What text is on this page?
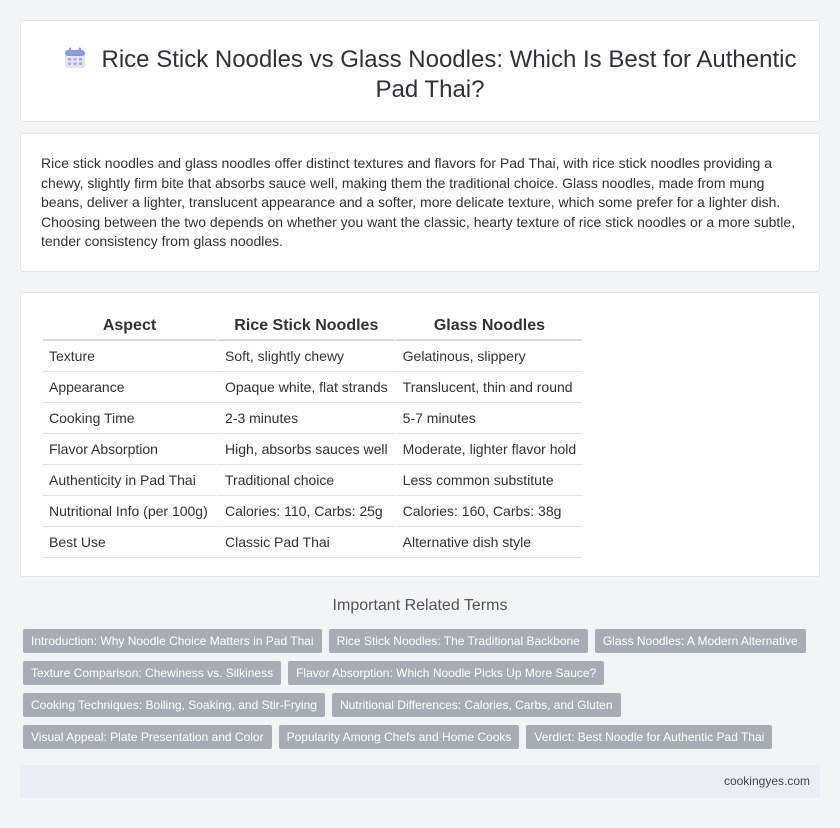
Rice Stick Noodles vs Glass Noodles: Which Is Best for Authentic Pad Thai?

Rice stick noodles and glass noodles offer distinct textures and flavors for Pad Thai, with rice stick noodles providing a chewy, slightly firm bite that absorbs sauce well, making them the traditional choice. Glass noodles, made from mung beans, deliver a lighter, translucent appearance and a softer, more delicate texture, which some prefer for a lighter dish. Choosing between the two depends on whether you want the classic, hearty texture of rice stick noodles or a more subtle, tender consistency from glass noodles.

Aspect	Rice Stick Noodles	Glass Noodles
Texture	Soft, slightly chewy	Gelatinous, slippery
Appearance	Opaque white, flat strands	Translucent, thin and round
Cooking Time	2-3 minutes	5-7 minutes
Flavor Absorption	High, absorbs sauces well	Moderate, lighter flavor hold
Authenticity in Pad Thai	Traditional choice	Less common substitute
Nutritional Info (per 100g)	Calories: 110, Carbs: 25g	Calories: 160, Carbs: 38g
Best Use	Classic Pad Thai	Alternative dish style
Important Related Terms
Introduction: Why Noodle Choice Matters in Pad Thai Rice Stick Noodles: The Traditional Backbone Glass Noodles: A Modern Alternative
Texture Comparison: Chewiness vs. Silkiness Flavor Absorption: Which Noodle Picks Up More Sauce?
Cooking Techniques: Boiling, Soaking, and Stir-Frying Nutritional Differences: Calories, Carbs, and Gluten
Visual Appeal: Plate Presentation and Color Popularity Among Chefs and Home Cooks Verdict: Best Noodle for Authentic Pad Thai
cookingyes.com
